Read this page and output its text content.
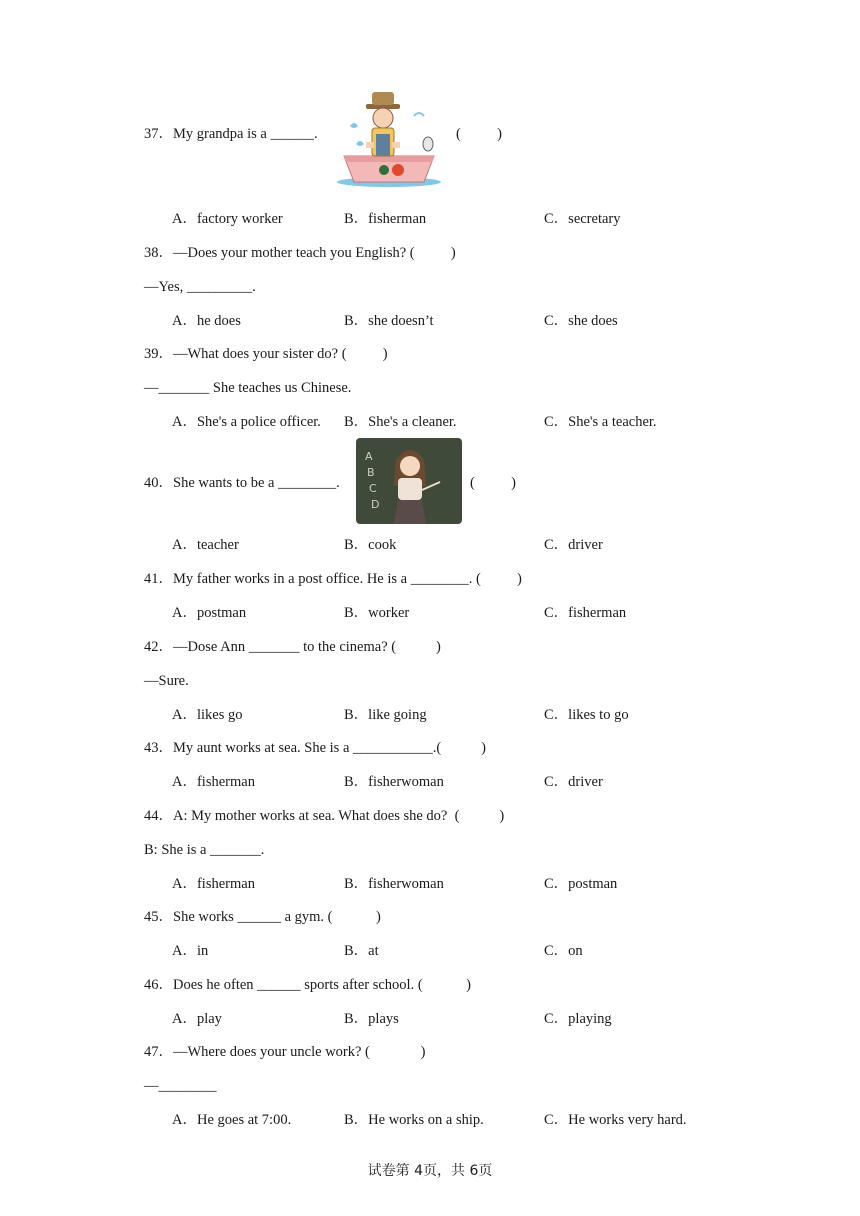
37．My grandpa is a ______.	(          )
A．factory worker	B．fisherman	C．secretary
38．—Does your mother teach you English? (          )
—Yes, _________.
A．he does	B．she doesn’t	C．she does
39．—What does your sister do? (          )
—_______ She teaches us Chinese.
A．She's a police officer. B．She's a cleaner.	C．She's a teacher.
40．She wants to be a ________.
A
B
C
D
(          )
A．teacher	B．cook	C．driver
41．My father works in a post office. He is a ________. (          )
A．postman	B．worker	C．fisherman
42．—Dose Ann _______ to the cinema? (           )
—Sure.
A．likes go	B．like going	C．likes to go
43．My aunt works at sea. She is a ___________.(           )
A．fisherman	B．fisherwoman	C．driver
44．A: My mother works at sea. What does she do?  (           )
B: She is a _______.
A．fisherman	B．fisherwoman	C．postman
45．She works ______ a gym. (            )
A．in	B．at	C．on
46．Does he often ______ sports after school. (            )
A．play	B．plays	C．playing
47．—Where does your uncle work? (              )
—________
A．He goes at 7:00.	B．He works on a ship.	C．He works very hard.
试卷第 4页，共 6页
